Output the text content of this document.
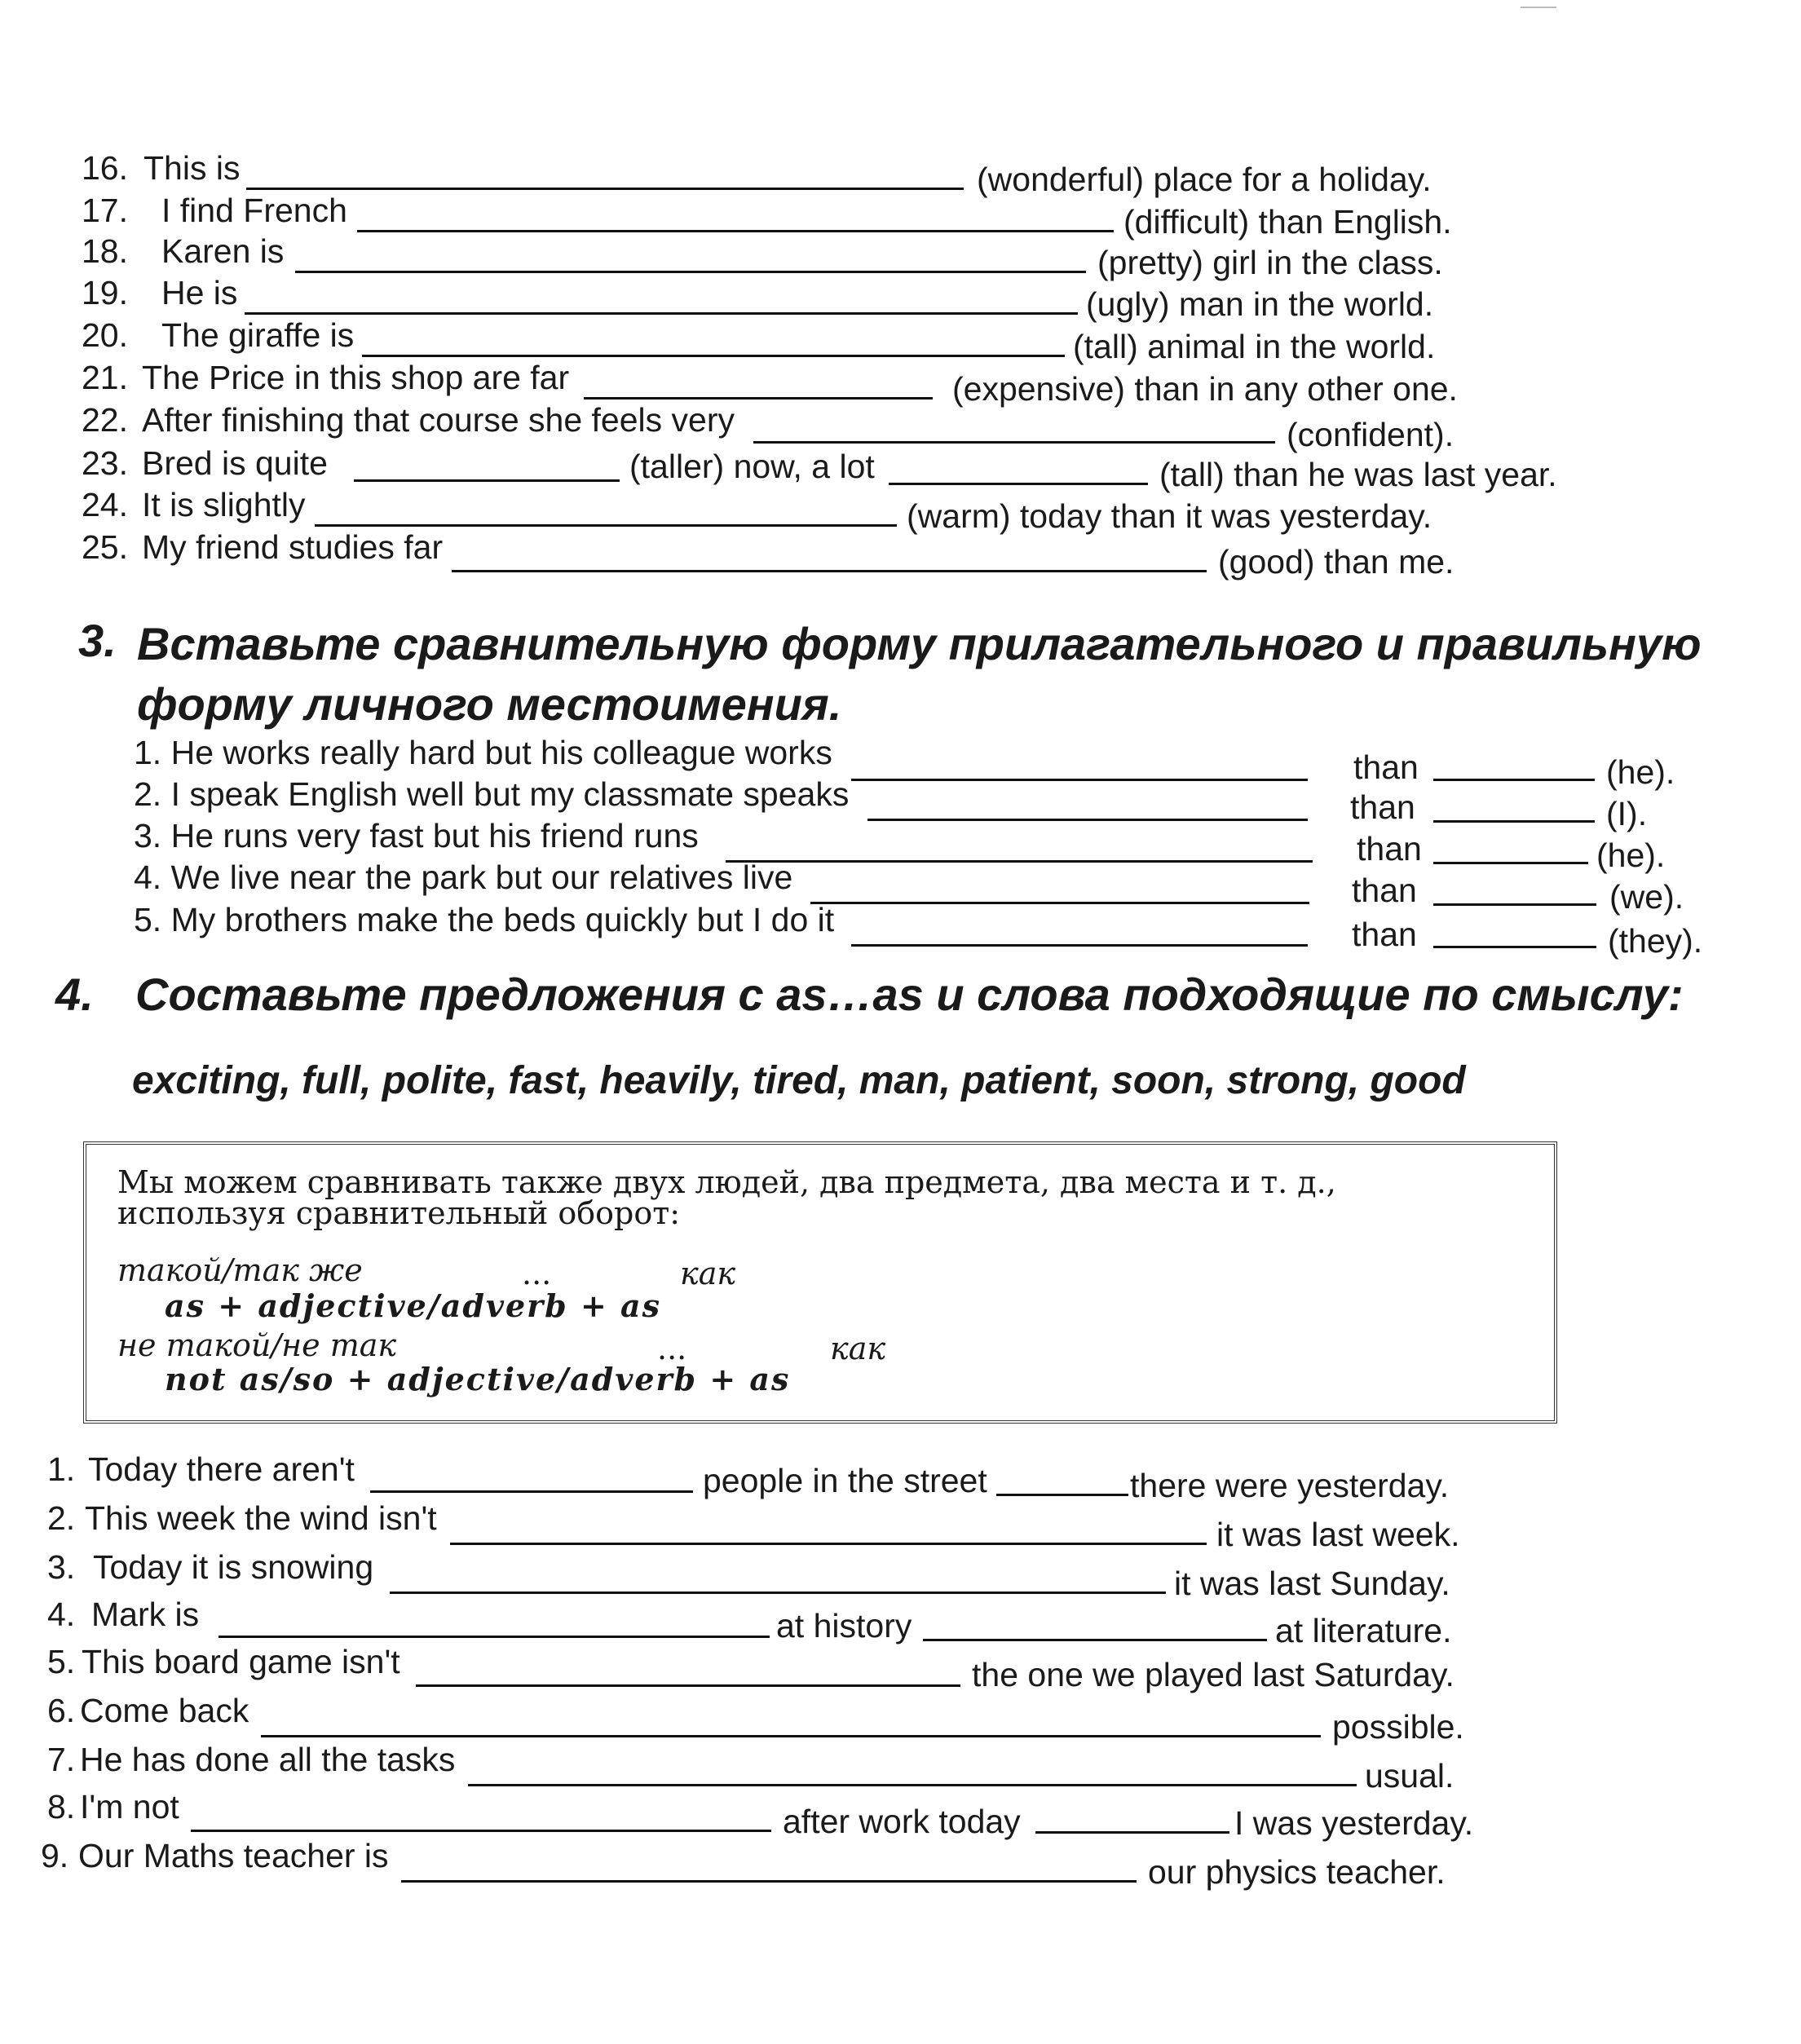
16. This is	(wonderful) place for a holiday.
17. I find French	(difficult) than English.
18. Karen is	(pretty) girl in the class.
19. He is	(ugly) man in the world.
20. The giraffe is	(tall) animal in the world.
21. The Price in this shop are far	(expensive) than in any other one.
22. After finishing that course she feels very	(confident).
23. Bred is quite	(taller) now, a lot	(tall) than he was last year.
24. It is slightly	(warm) today than it was yesterday.
25. My friend studies far	(good) than me.
3. Вставьте сравнительную форму прилагательного и правильную
форму личного местоимения.
1. He works really hard but his colleague works	than	(he).
2. I speak English well but my classmate speaks	than	(I).
3. He runs very fast but his friend runs	than	(he).
4. We live near the park but our relatives live	than	(we).
5. My brothers make the beds quickly but I do it	than	(they).
4. Составьте предложения с as…as и слова подходящие по смыслу:
exciting, full, polite, fast, heavily, tired, man, patient, soon, strong, good
Мы можем сравнивать также двух людей, два предмета, два места и т. д.,
используя сравнительный оборот:
такой/так же	...	как
as + adjective/adverb + as
не такой/не так	...	как
not as/so + adjective/adverb + as
1. Today there aren't	people in the street	there were yesterday.
2. This week the wind isn't	it was last week.
3. Today it is snowing	it was last Sunday.
4. Mark is	at history	at literature.
5. This board game isn't	the one we played last Saturday.
6. Come back	possible.
7. He has done all the tasks	usual.
8. I'm not	after work today	I was yesterday.
9. Our Maths teacher is	our physics teacher.
